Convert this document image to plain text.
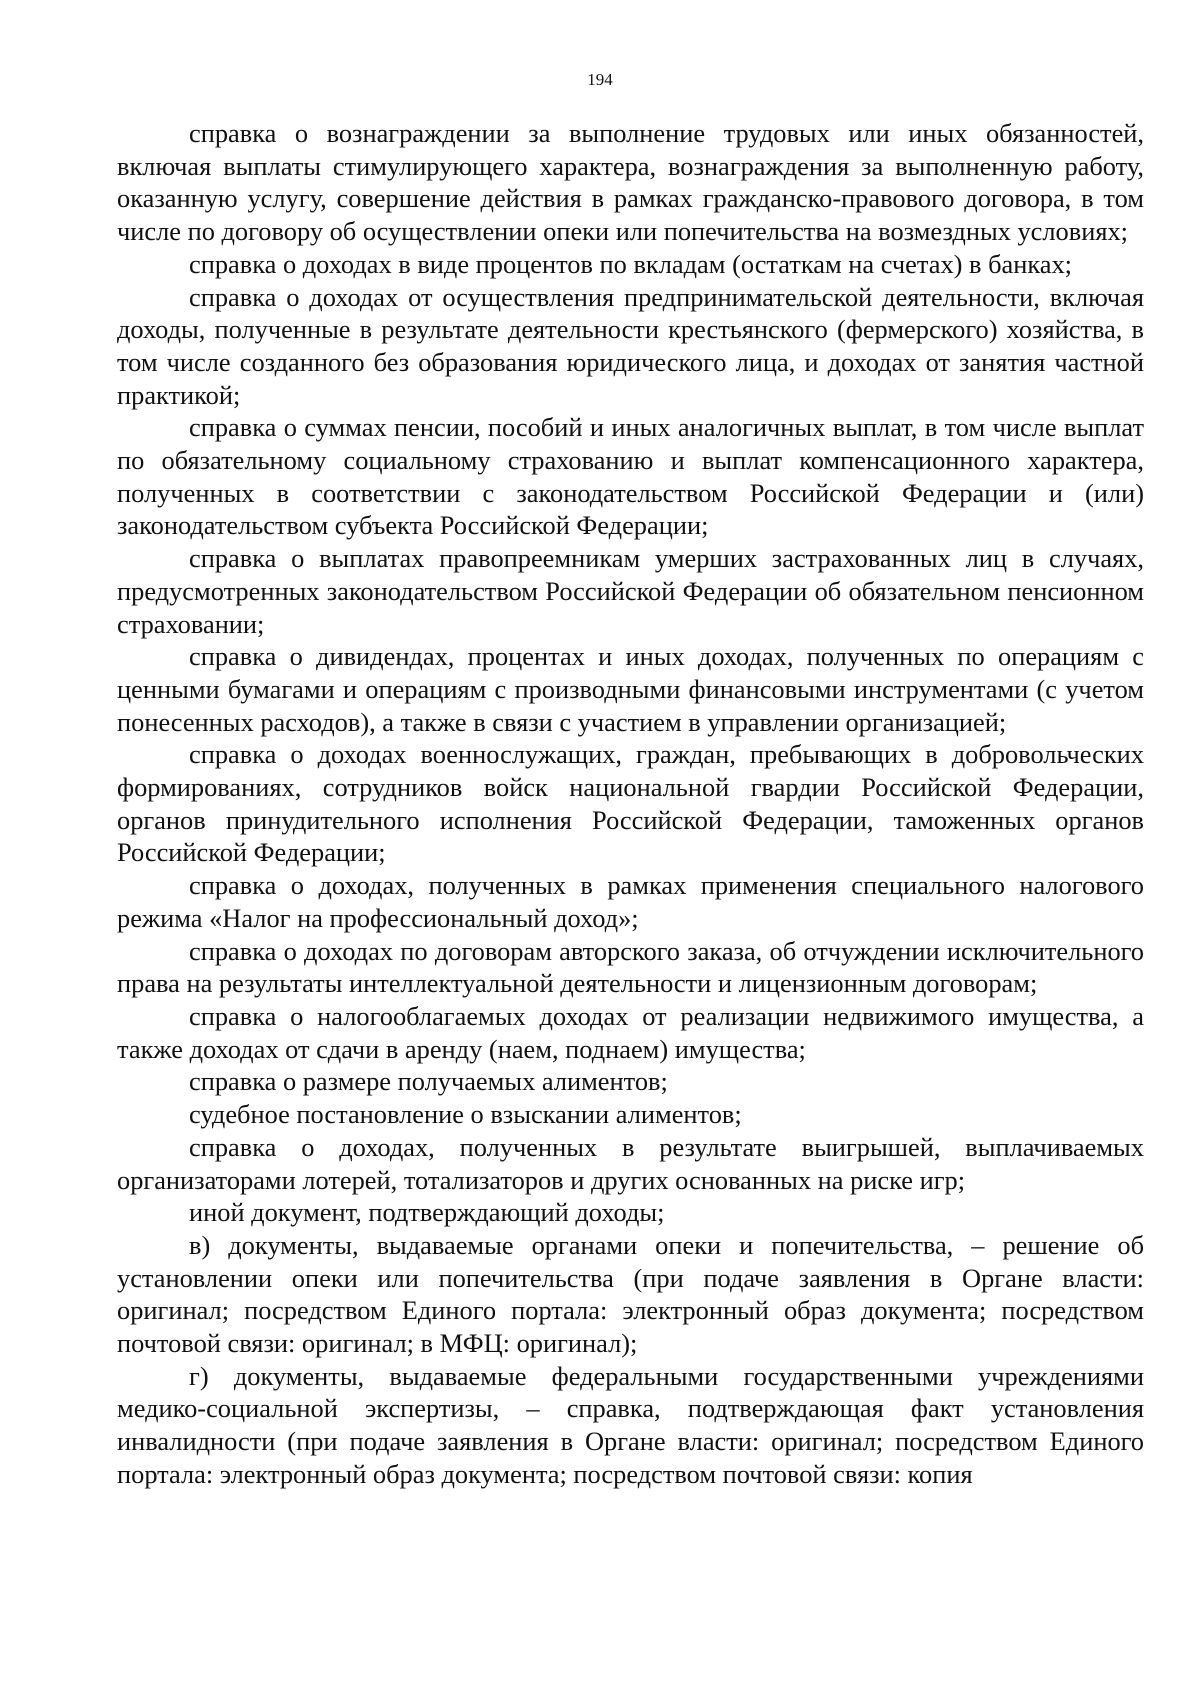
194

справка о вознаграждении за выполнение трудовых или иных обязанностей, включая выплаты стимулирующего характера, вознаграждения за выполненную работу, оказанную услугу, совершение действия в рамках гражданско-правового договора, в том числе по договору об осуществлении опеки или попечительства на возмездных условиях;

справка о доходах в виде процентов по вкладам (остаткам на счетах) в банках;

справка о доходах от осуществления предпринимательской деятельности, включая доходы, полученные в результате деятельности крестьянского (фермерского) хозяйства, в том числе созданного без образования юридического лица, и доходах от занятия частной практикой;

справка о суммах пенсии, пособий и иных аналогичных выплат, в том числе выплат по обязательному социальному страхованию и выплат компенсационного характера, полученных в соответствии с законодательством Российской Федерации и (или) законодательством субъекта Российской Федерации;

справка о выплатах правопреемникам умерших застрахованных лиц в случаях, предусмотренных законодательством Российской Федерации об обязательном пенсионном страховании;

справка о дивидендах, процентах и иных доходах, полученных по операциям с ценными бумагами и операциям с производными финансовыми инструментами (с учетом понесенных расходов), а также в связи с участием в управлении организацией;

справка о доходах военнослужащих, граждан, пребывающих в добровольческих формированиях, сотрудников войск национальной гвардии Российской Федерации, органов принудительного исполнения Российской Федерации, таможенных органов Российской Федерации;

справка о доходах, полученных в рамках применения специального налогового режима «Налог на профессиональный доход»;

справка о доходах по договорам авторского заказа, об отчуждении исключительного права на результаты интеллектуальной деятельности и лицензионным договорам;

справка о налогооблагаемых доходах от реализации недвижимого имущества, а также доходах от сдачи в аренду (наем, поднаем) имущества;

справка о размере получаемых алиментов;

судебное постановление о взыскании алиментов;

справка о доходах, полученных в результате выигрышей, выплачиваемых организаторами лотерей, тотализаторов и других основанных на риске игр;

иной документ, подтверждающий доходы;

в) документы, выдаваемые органами опеки и попечительства, – решение об установлении опеки или попечительства (при подаче заявления в Органе власти: оригинал; посредством Единого портала: электронный образ документа; посредством почтовой связи: оригинал; в МФЦ: оригинал);

г) документы, выдаваемые федеральными государственными учреждениями медико-социальной экспертизы, – справка, подтверждающая факт установления инвалидности (при подаче заявления в Органе власти: оригинал; посредством Единого портала: электронный образ документа; посредством почтовой связи: копия
